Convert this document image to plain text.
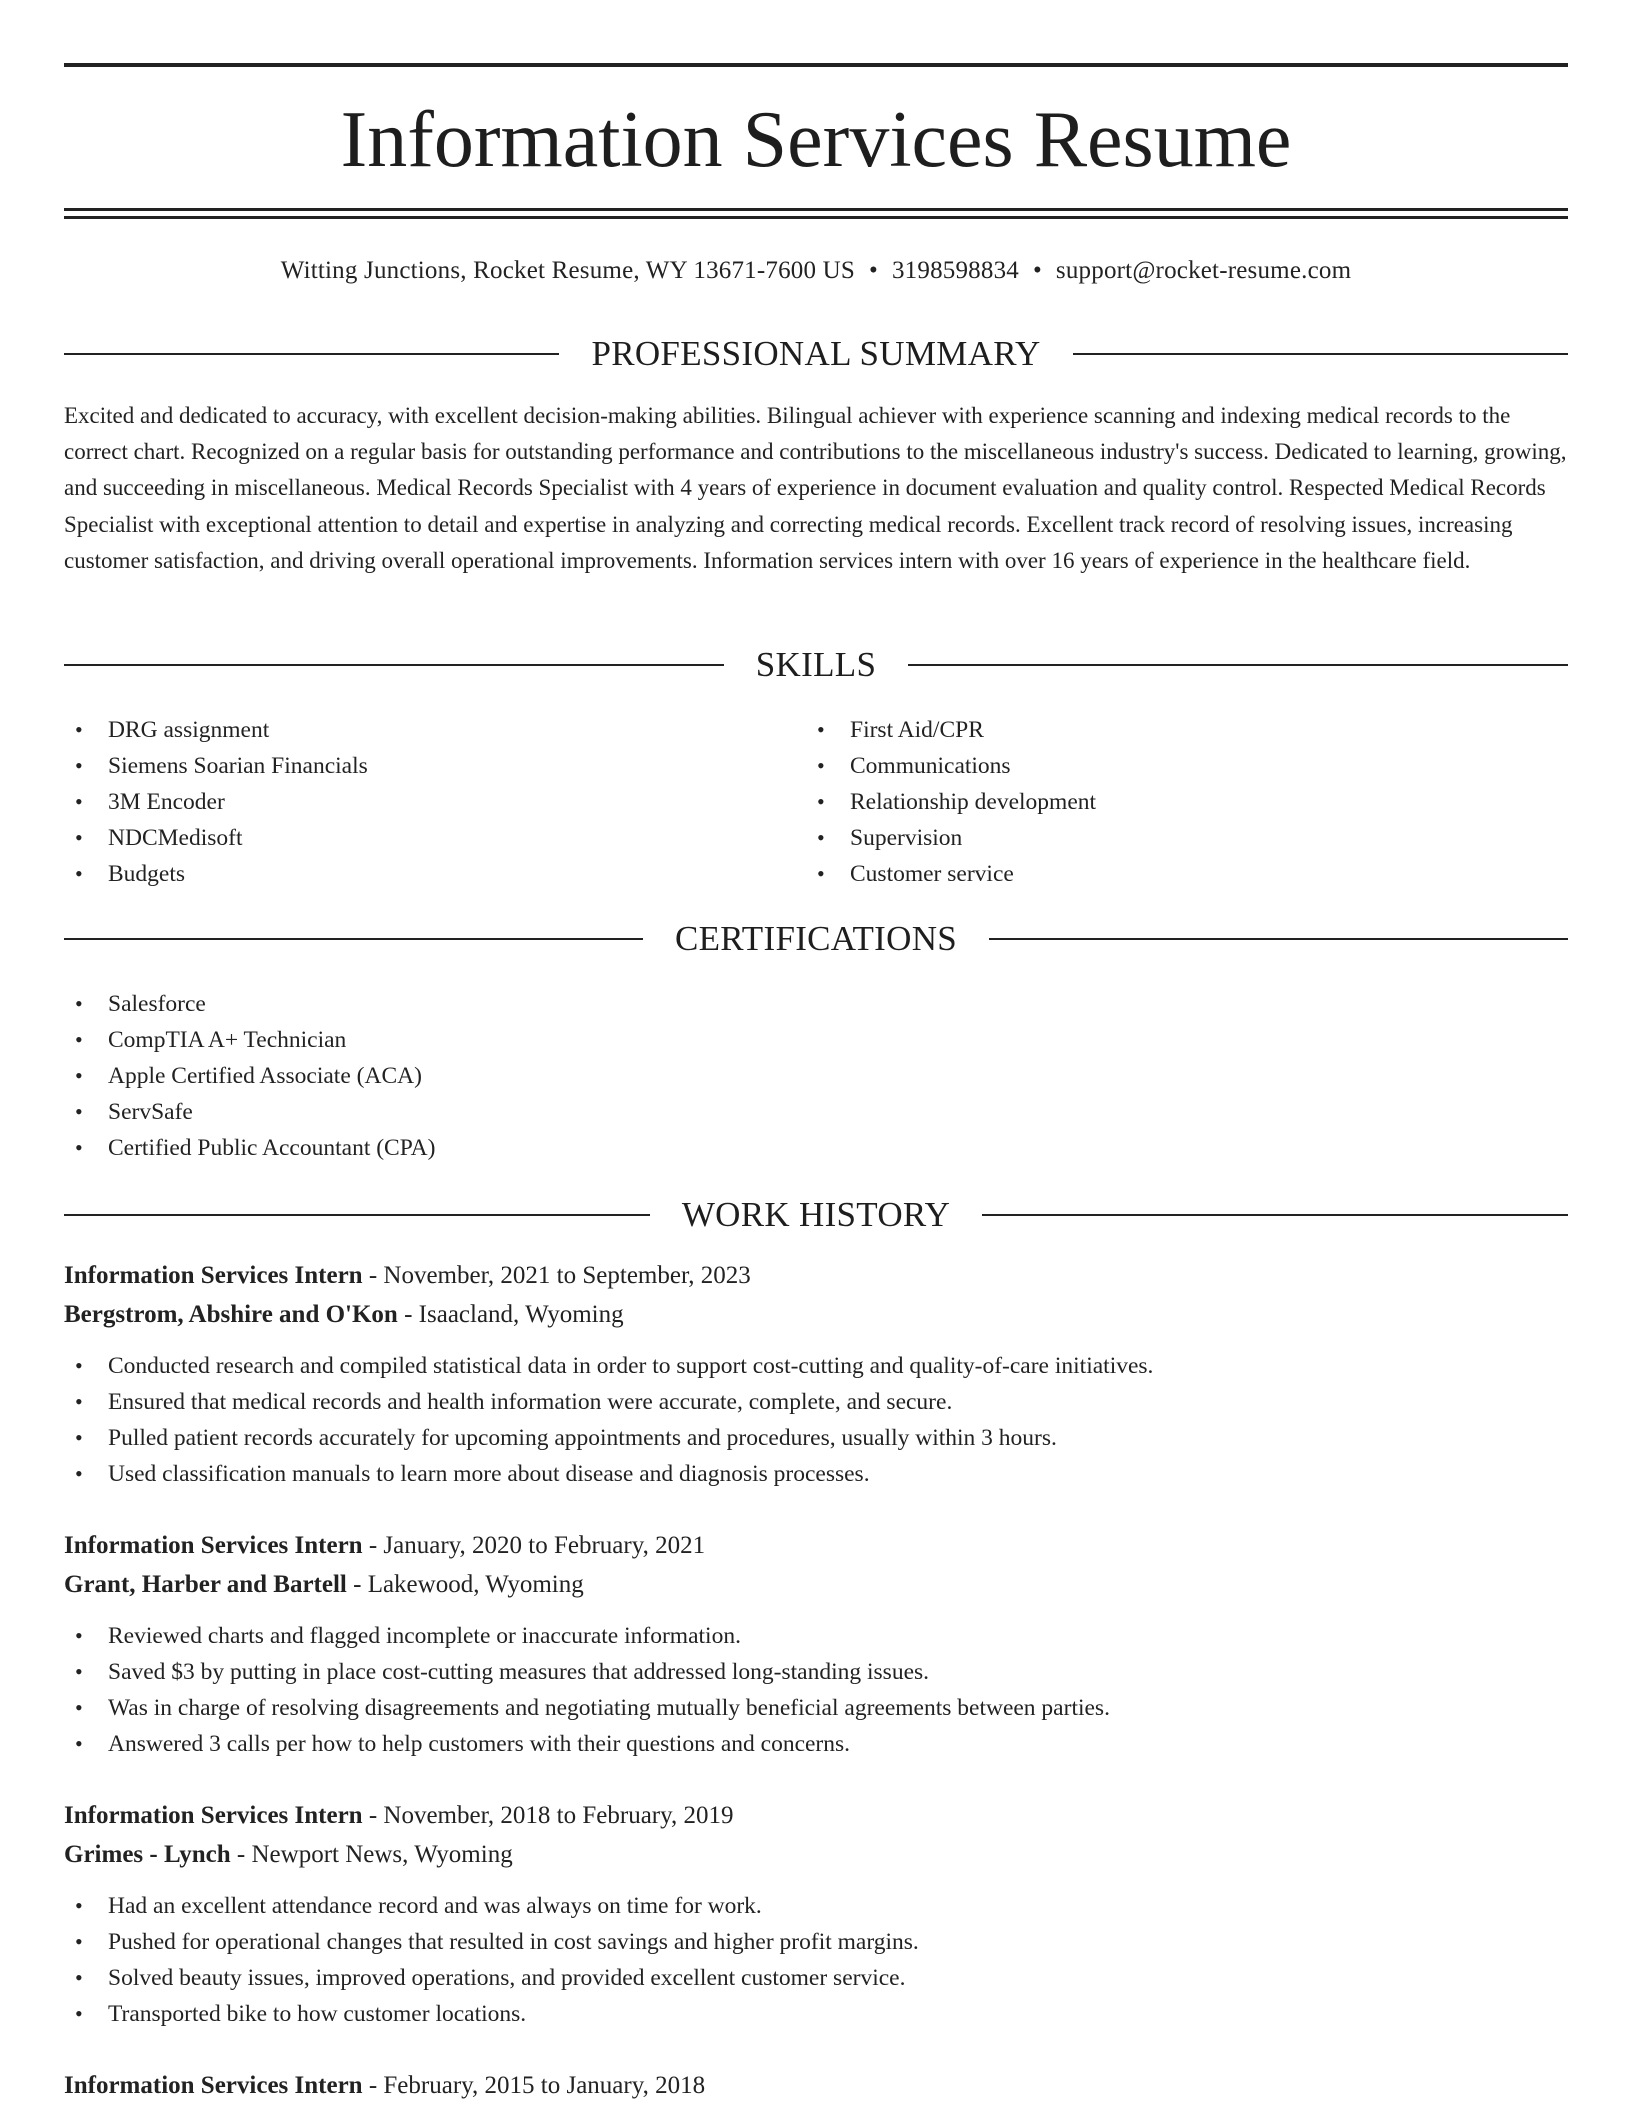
Information Services Resume
Witting Junctions, Rocket Resume, WY 13671-7600 US • 3198598834 • support@rocket-resume.com
PROFESSIONAL SUMMARY

Excited and dedicated to accuracy, with excellent decision-making abilities. Bilingual achiever with experience scanning and indexing medical records to the correct chart. Recognized on a regular basis for outstanding performance and contributions to the miscellaneous industry's success. Dedicated to learning, growing, and succeeding in miscellaneous. Medical Records Specialist with 4 years of experience in document evaluation and quality control. Respected Medical Records Specialist with exceptional attention to detail and expertise in analyzing and correcting medical records. Excellent track record of resolving issues, increasing customer satisfaction, and driving overall operational improvements. Information services intern with over 16 years of experience in the healthcare field.

SKILLS
• DRG assignment
• Siemens Soarian Financials
• 3M Encoder
• NDCMedisoft
• Budgets
• First Aid/CPR
• Communications
• Relationship development
• Supervision
• Customer service
CERTIFICATIONS
• Salesforce
• CompTIA A+ Technician
• Apple Certified Associate (ACA)
• ServSafe
• Certified Public Accountant (CPA)
WORK HISTORY
Information Services Intern - November, 2021 to September, 2023
Bergstrom, Abshire and O'Kon - Isaacland, Wyoming
• Conducted research and compiled statistical data in order to support cost-cutting and quality-of-care initiatives.
• Ensured that medical records and health information were accurate, complete, and secure.
• Pulled patient records accurately for upcoming appointments and procedures, usually within 3 hours.
• Used classification manuals to learn more about disease and diagnosis processes.
Information Services Intern - January, 2020 to February, 2021
Grant, Harber and Bartell - Lakewood, Wyoming
• Reviewed charts and flagged incomplete or inaccurate information.
• Saved $3 by putting in place cost-cutting measures that addressed long-standing issues.
• Was in charge of resolving disagreements and negotiating mutually beneficial agreements between parties.
• Answered 3 calls per how to help customers with their questions and concerns.
Information Services Intern - November, 2018 to February, 2019
Grimes - Lynch - Newport News, Wyoming
• Had an excellent attendance record and was always on time for work.
• Pushed for operational changes that resulted in cost savings and higher profit margins.
• Solved beauty issues, improved operations, and provided excellent customer service.
• Transported bike to how customer locations.
Information Services Intern - February, 2015 to January, 2018
